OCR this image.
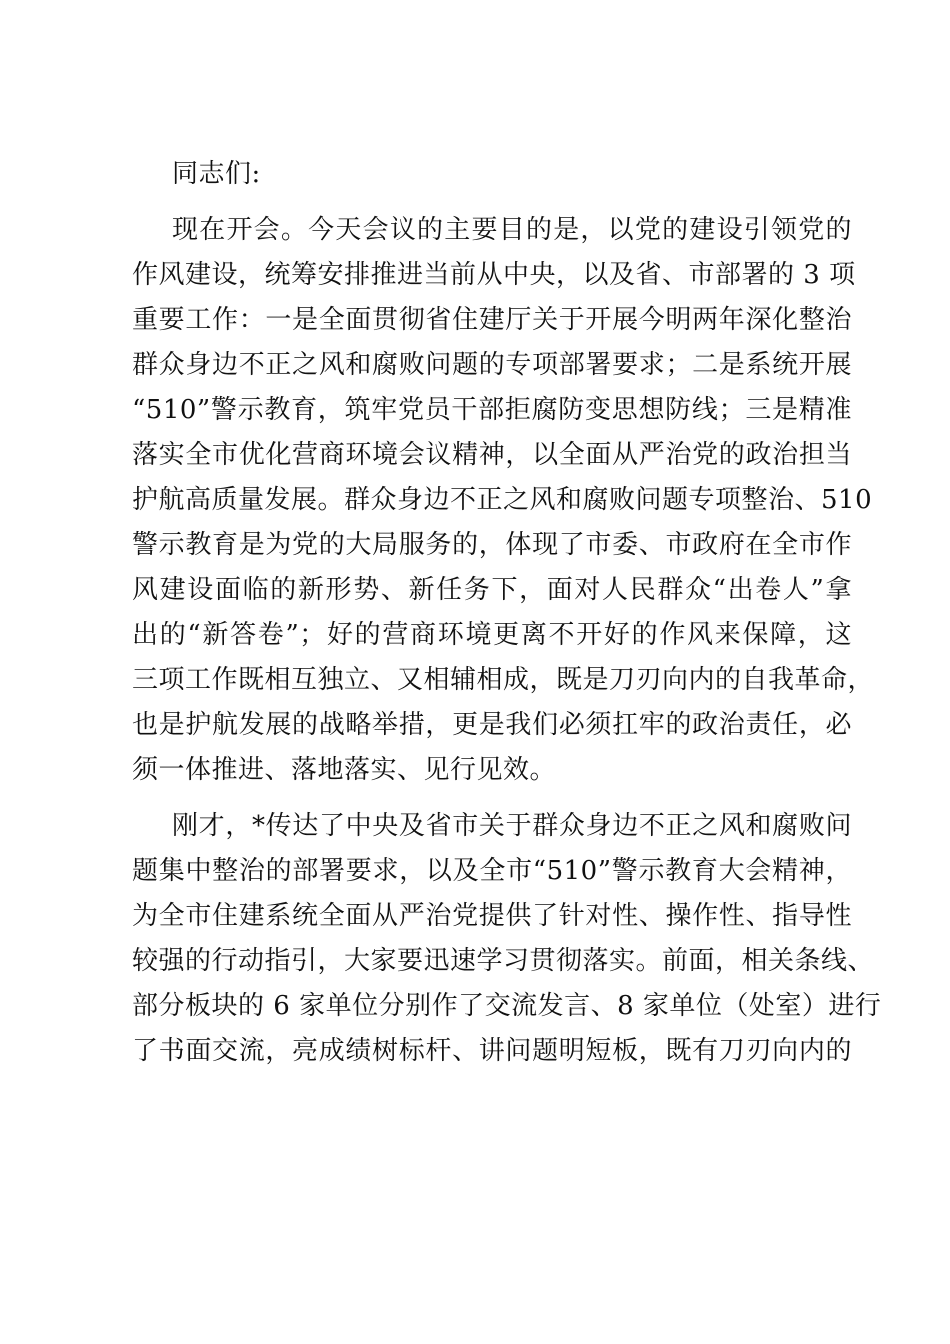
同志们:
现在开会。今天会议的主要目的是，以党的建设引领党的
作风建设，统筹安排推进当前从中央，以及省、市部署的 3 项
重要工作：一是全面贯彻省住建厅关于开展今明两年深化整治
群众身边不正之风和腐败问题的专项部署要求；二是系统开展
“510”警示教育，筑牢党员干部拒腐防变思想防线；三是精准
落实全市优化营商环境会议精神，以全面从严治党的政治担当
护航高质量发展。群众身边不正之风和腐败问题专项整治、510
警示教育是为党的大局服务的，体现了市委、市政府在全市作
风建设面临的新形势、新任务下，面对人民群众“出卷人”拿
出的“新答卷”；好的营商环境更离不开好的作风来保障，这
三项工作既相互独立、又相辅相成，既是刀刃向内的自我革命，
也是护航发展的战略举措，更是我们必须扛牢的政治责任，必
须一体推进、落地落实、见行见效。
刚才，*传达了中央及省市关于群众身边不正之风和腐败问
题集中整治的部署要求，以及全市“510”警示教育大会精神，
为全市住建系统全面从严治党提供了针对性、操作性、指导性
较强的行动指引，大家要迅速学习贯彻落实。前面，相关条线、
部分板块的 6 家单位分别作了交流发言、8 家单位（处室）进行
了书面交流，亮成绩树标杆、讲问题明短板，既有刀刃向内的
